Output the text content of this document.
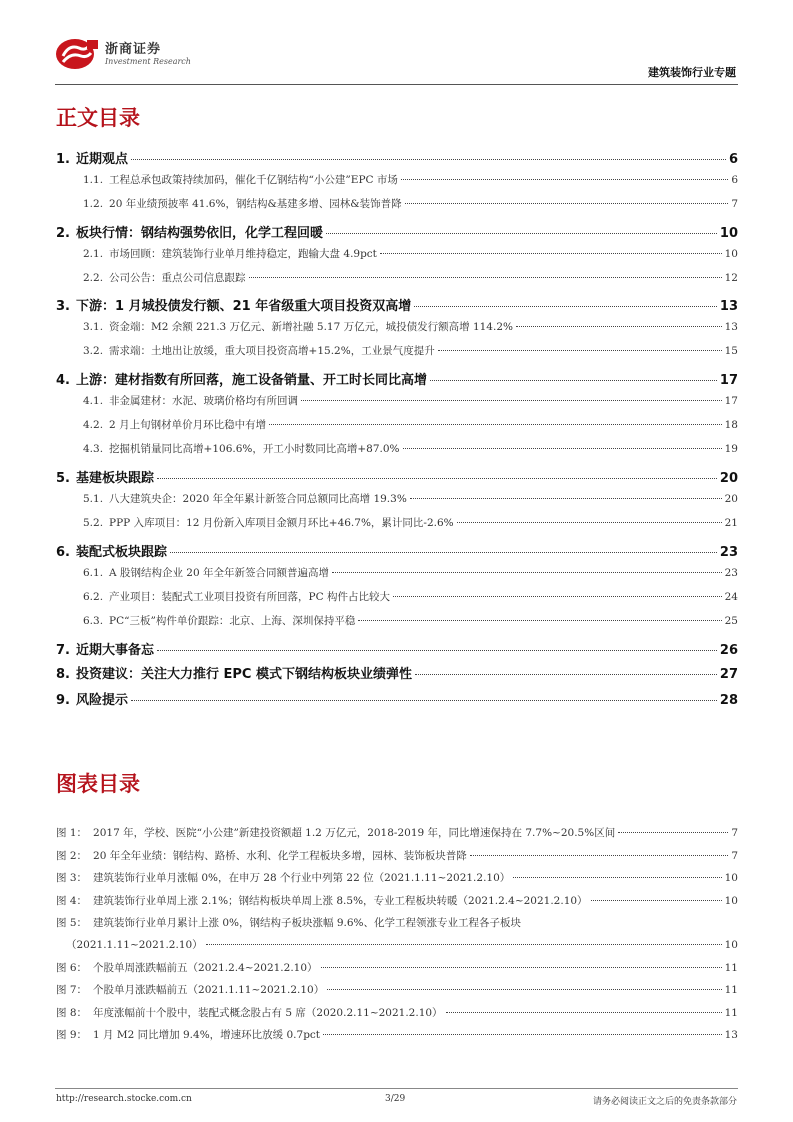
浙商证券
Investment Research
建筑装饰行业专题
正文目录
1. 近期观点	6
1.1. 工程总承包政策持续加码，催化千亿钢结构“小公建”EPC 市场	6
1.2. 20 年业绩预披率 41.6%，钢结构&基建多增、园林&装饰普降	7
2. 板块行情：钢结构强势依旧，化学工程回暖	10
2.1. 市场回顾：建筑装饰行业单月维持稳定，跑输大盘 4.9pct	10
2.2. 公司公告：重点公司信息跟踪	12
3. 下游：1 月城投债发行额、21 年省级重大项目投资双高增	13
3.1. 资金端：M2 余额 221.3 万亿元、新增社融 5.17 万亿元，城投债发行额高增 114.2%	13
3.2. 需求端：土地出让放缓，重大项目投资高增+15.2%，工业景气度提升	15
4. 上游：建材指数有所回落，施工设备销量、开工时长同比高增	17
4.1. 非金属建材：水泥、玻璃价格均有所回调	17
4.2. 2 月上旬钢材单价月环比稳中有增	18
4.3. 挖掘机销量同比高增+106.6%，开工小时数同比高增+87.0%	19
5. 基建板块跟踪	20
5.1. 八大建筑央企：2020 年全年累计新签合同总额同比高增 19.3%	20
5.2. PPP 入库项目：12 月份新入库项目金额月环比+46.7%，累计同比-2.6%	21
6. 装配式板块跟踪	23
6.1. A 股钢结构企业 20 年全年新签合同额普遍高增	23
6.2. 产业项目：装配式工业项目投资有所回落，PC 构件占比较大	24
6.3. PC“三板”构件单价跟踪：北京、上海、深圳保持平稳	25
7. 近期大事备忘	26
8. 投资建议：关注大力推行 EPC 模式下钢结构板块业绩弹性	27
9. 风险提示	28
图表目录
图 1： 2017 年，学校、医院“小公建”新建投资额超 1.2 万亿元，2018-2019 年，同比增速保持在 7.7%~20.5%区间	7
图 2： 20 年全年业绩：钢结构、路桥、水利、化学工程板块多增，园林、装饰板块普降	7
图 3： 建筑装饰行业单月涨幅 0%，在申万 28 个行业中列第 22 位（2021.1.11~2021.2.10）	10
图 4： 建筑装饰行业单周上涨 2.1%；钢结构板块单周上涨 8.5%，专业工程板块转暖（2021.2.4~2021.2.10）	10
图 5： 建筑装饰行业单月累计上涨 0%，钢结构子板块涨幅 9.6%、化学工程领涨专业工程各子板块
（2021.1.11~2021.2.10）	10
图 6： 个股单周涨跌幅前五（2021.2.4~2021.2.10）	11
图 7： 个股单月涨跌幅前五（2021.1.11~2021.2.10）	11
图 8： 年度涨幅前十个股中，装配式概念股占有 5 席（2020.2.11~2021.2.10）	11
图 9： 1 月 M2 同比增加 9.4%，增速环比放缓 0.7pct	13
http://research.stocke.com.cn	3/29	请务必阅读正文之后的免责条款部分
